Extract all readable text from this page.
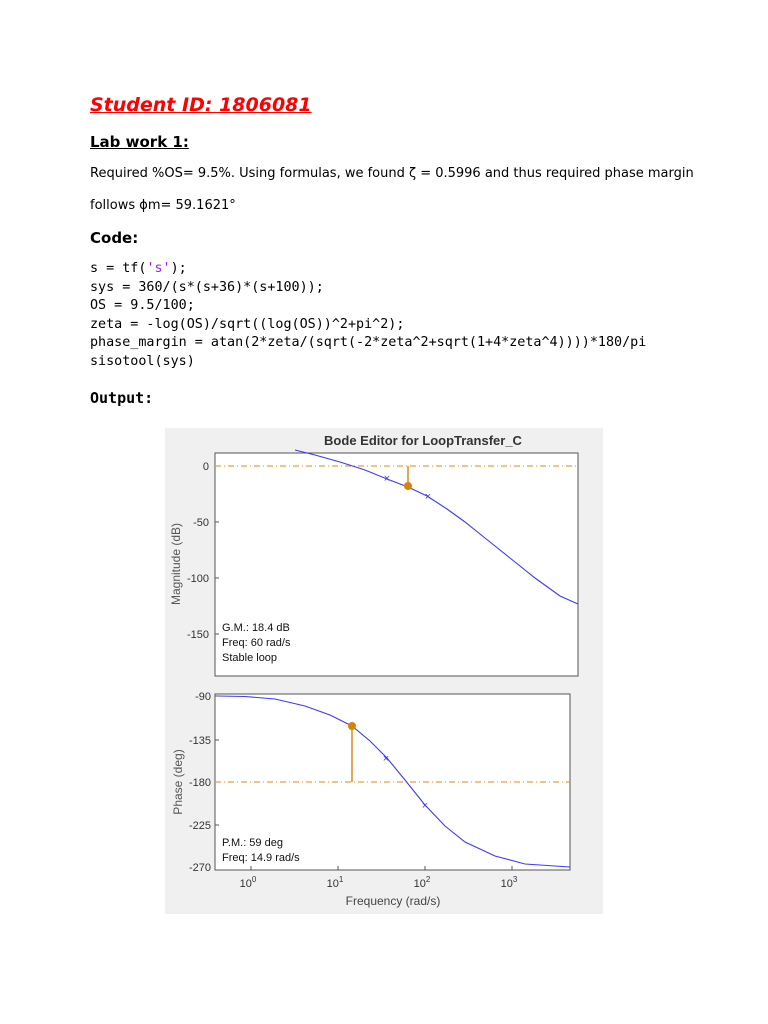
Student ID: 1806081
Lab work 1:
Required %OS= 9.5%. Using formulas, we found ζ = 0.5996 and thus required phase margin
follows ϕm= 59.1621°
Code:
s = tf('s');
sys = 360/(s*(s+36)*(s+100));
OS = 9.5/100;
zeta = -log(OS)/sqrt((log(OS))^2+pi^2);
phase_margin = atan(2*zeta/(sqrt(-2*zeta^2+sqrt(1+4*zeta^4))))*180/pi
sisotool(sys)
Output:
Bode Editor for LoopTransfer_C
0
-50
-100
-150
Magnitude (dB)
×
×
G.M.: 18.4 dB
Freq: 60 rad/s
Stable loop
-90
-135
-180
-225
-270
Phase (deg)	×
×
P.M.: 59 deg
Freq: 14.9 rad/s
$10^0$	$10^1$	$10^2$	$10^3$
Frequency (rad/s)
